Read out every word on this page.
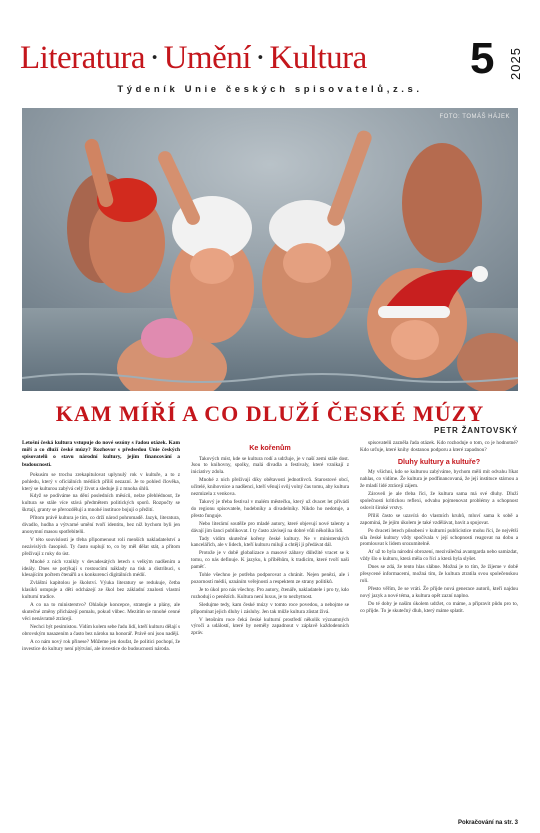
Literatura · Umění · Kultura 5 2025
Týdeník Unie českých spisovatelů,z.s.
FOTO: TOMÁŠ HÁJEK
KAM MÍŘÍ A CO DLUŽÍ ČESKÉ MÚZY
PETR ŽANTOVSKÝ

Letošní česká kultura vstupuje do nové sezóny s řadou otázek. Kam míří a co dluží české múzy? Rozhovor s předsedou Unie českých spisovatelů o stavu národní kultury, jejím financování a budoucnosti.

Pokusím se trochu zrekapitulovat uplynulý rok v kultuře, a to z pohledu, který v oficiálních médiích příliš nezazní. Je to pohled člověka, který se kulturou zabývá celý život a sleduje ji z mnoha úhlů.

Když se podíváme na dění posledních měsíců, nelze přehlédnout, že kultura se stále více stává předmětem politických sporů. Rozpočty se škrtají, granty se přerozdělují a mnohé instituce bojují o přežití.

Přitom právě kultura je tím, co drží národ pohromadě. Jazyk, literatura, divadlo, hudba a výtvarné umění tvoří identitu, bez níž bychom byli jen anonymní masou spotřebitelů.

V této souvislosti je třeba připomenout roli menších nakladatelství a nezávislých časopisů. Ty často suplují to, co by měl dělat stát, a přitom přežívají z ruky do úst.

Mnohé z nich vznikly v devadesátých letech s velkým nadšením a ideály. Dnes se potýkají s rostoucími náklady na tisk a distribuci, s klesajícím počtem čtenářů a s konkurencí digitálních médií.

Zvláštní kapitolou je školství. Výuka literatury se redukuje, četba klasiků ustupuje a děti odcházejí ze škol bez základní znalosti vlastní kulturní tradice.

A co na to ministerstvo? Ohlašuje koncepce, strategie a plány, ale skutečné změny přicházejí pomalu, pokud vůbec. Mezitím se mnohé cenné věci nenávratně ztrácejí.

Nechci být pesimistou. Vidím kolem sebe řadu lidí, kteří kulturu dělají s obrovským nasazením a často bez nároku na honorář. Právě oni jsou nadějí.

A co nám nový rok přinese? Můžeme jen doufat, že politici pochopí, že investice do kultury není plýtvání, ale investice do budoucnosti národa.

Ke kořenům

Takových míst, kde se kultura rodí a udržuje, je v naší zemi stále dost. Jsou to knihovny, spolky, malá divadla a festivaly, které vznikají z iniciativy zdola.

Mnohé z nich přežívají díky obětavosti jednotlivců. Starostové obcí, učitelé, knihovnice a nadšenci, kteří věnují svůj volný čas tomu, aby kultura nezmizela z venkova.

Takový je třeba festival v malém městečku, který už dvacet let přivádí do regionu spisovatele, hudebníky a divadelníky. Nikdo ho nedotuje, a přesto funguje.

Nebo literární soutěže pro mladé autory, které objevují nové talenty a dávají jim šanci publikovat. I ty často závisejí na dobré vůli několika lidí.

Tady vidím skutečné kořeny české kultury. Ne v ministerských kancelářích, ale v lidech, kteří kulturu milují a chtějí ji předávat dál.

Protože je v době globalizace a masové zábavy důležité vracet se k tomu, co nás definuje. K jazyku, k příběhům, k tradicím, které tvoří naši paměť.

Tohle všechno je potřeba podporovat a chránit. Nejen penězi, ale i pozorností médií, uznáním veřejnosti a respektem ze strany politiků.

Je to úkol pro nás všechny. Pro autory, čtenáře, nakladatele i pro ty, kdo rozhodují o penězích. Kultura není luxus, je to nezbytnost.

Sledujme tedy, kam české múzy v tomto roce povedou, a nebojme se připomínat jejich dluhy i zásluhy. Jen tak může kultura zůstat živá.

V letošním roce čeká české kulturní prostředí několik významných výročí a událostí, které by neměly zapadnout v záplavě každodenních zpráv.

spisovatelů zazněla řada otázek. Kdo rozhoduje o tom, co je hodnotné? Kdo určuje, které knihy dostanou podporu a které zapadnou?

Dluhy kultury a kultuře?

My všichni, kdo se kulturou zabýváme, bychom měli mít odvahu říkat nahlas, co vidíme. Že kultura je podfinancovaná, že její instituce stárnou a že mladí lidé ztrácejí zájem.

Zároveň je ale třeba říci, že kultura sama má své dluhy. Dluží společnosti kritickou reflexi, odvahu pojmenovat problémy a schopnost oslovit široké vrstvy.

Příliš často se uzavírá do vlastních kruhů, mluví sama k sobě a zapomíná, že jejím úkolem je také vzdělávat, bavit a spojovat.

Po dvaceti letech působení v kulturní publicistice mohu říci, že největší síla české kultury vždy spočívala v její schopnosti reagovat na dobu a promlouvat k lidem srozumitelně.

Ať už to byla národní obrození, meziválečná avantgarda nebo samizdat, vždy šlo o kulturu, která měla co říci a která byla slyšet.

Dnes se zdá, že tento hlas slábne. Možná je to tím, že žijeme v době přesycené informacemi, možná tím, že kultura ztratila svou společenskou roli.

Přesto věřím, že se vrátí. Že přijde nová generace autorů, kteří najdou nový jazyk a nové téma, a kultura opět zazní naplno.

Do té doby je naším úkolem udržet, co máme, a připravit půdu pro to, co přijde. To je skutečný dluh, který máme splatit.

Pokračování na str. 3
